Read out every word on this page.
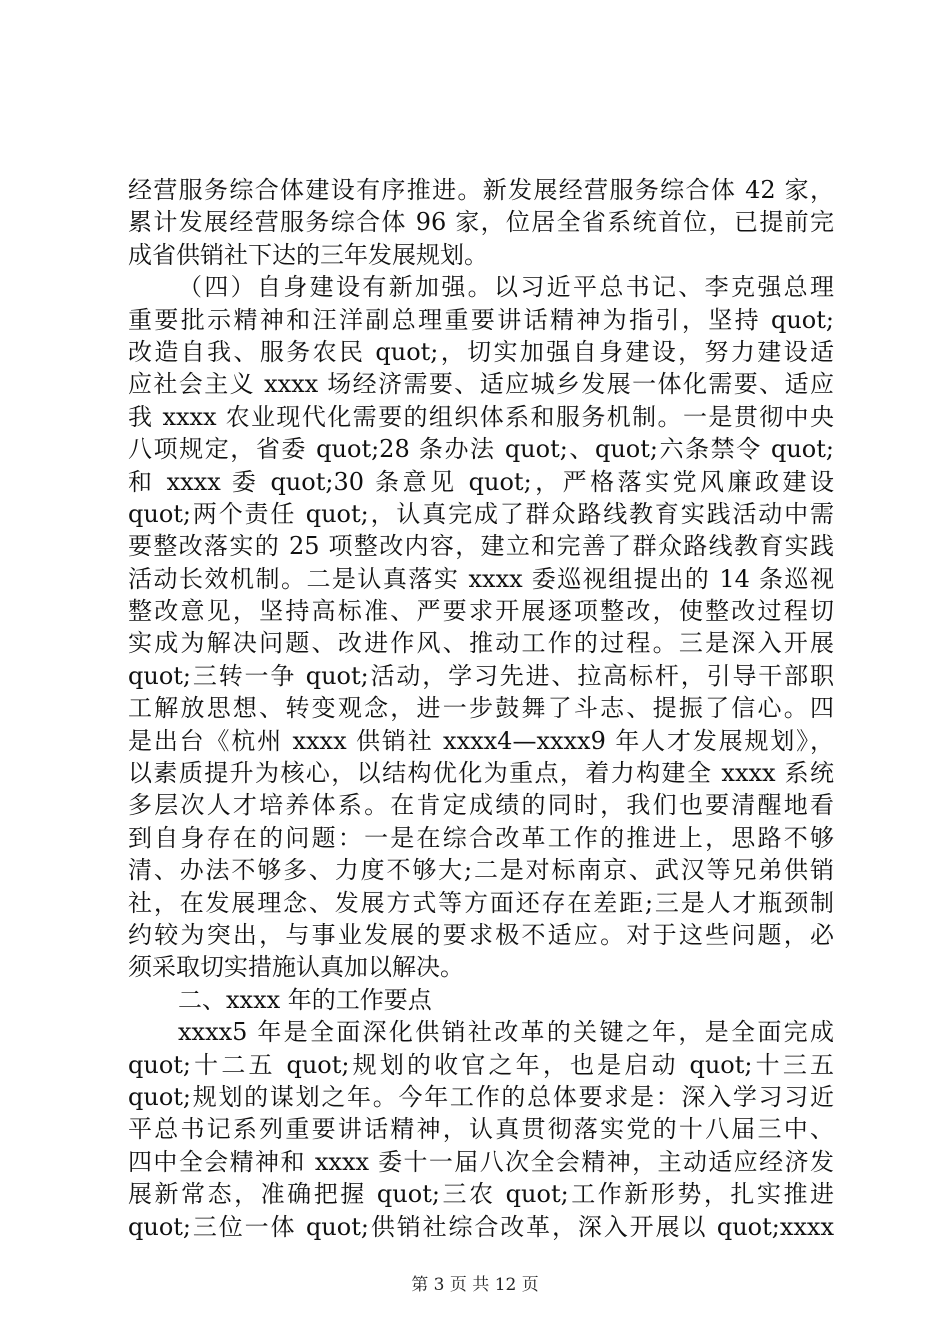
经营服务综合体建设有序推进。新发展经营服务综合体 42 家，
累计发展经营服务综合体 96 家，位居全省系统首位，已提前完
成省供销社下达的三年发展规划。
（四）自身建设有新加强。以习近平总书记、李克强总理
重要批示精神和汪洋副总理重要讲话精神为指引，坚持 quot;
改造自我、服务农民 quot;，切实加强自身建设，努力建设适
应社会主义 xxxx 场经济需要、适应城乡发展一体化需要、适应
我 xxxx 农业现代化需要的组织体系和服务机制。一是贯彻中央
八项规定，省委 quot;28 条办法 quot;、quot;六条禁令 quot;
和 xxxx 委 quot;30 条意见 quot;，严格落实党风廉政建设
quot;两个责任 quot;，认真完成了群众路线教育实践活动中需
要整改落实的 25 项整改内容，建立和完善了群众路线教育实践
活动长效机制。二是认真落实 xxxx 委巡视组提出的 14 条巡视
整改意见，坚持高标准、严要求开展逐项整改，使整改过程切
实成为解决问题、改进作风、推动工作的过程。三是深入开展
quot;三转一争 quot;活动，学习先进、拉高标杆，引导干部职
工解放思想、转变观念，进一步鼓舞了斗志、提振了信心。四
是出台《杭州 xxxx 供销社 xxxx4—xxxx9 年人才发展规划》，
以素质提升为核心，以结构优化为重点，着力构建全 xxxx 系统
多层次人才培养体系。在肯定成绩的同时，我们也要清醒地看
到自身存在的问题：一是在综合改革工作的推进上，思路不够
清、办法不够多、力度不够大;二是对标南京、武汉等兄弟供销
社，在发展理念、发展方式等方面还存在差距;三是人才瓶颈制
约较为突出，与事业发展的要求极不适应。对于这些问题，必
须采取切实措施认真加以解决。
二、xxxx 年的工作要点
xxxx5 年是全面深化供销社改革的关键之年，是全面完成
quot;十二五 quot;规划的收官之年，也是启动 quot;十三五
quot;规划的谋划之年。今年工作的总体要求是：深入学习习近
平总书记系列重要讲话精神，认真贯彻落实党的十八届三中、
四中全会精神和 xxxx 委十一届八次全会精神，主动适应经济发
展新常态，准确把握 quot;三农 quot;工作新形势，扎实推进
quot;三位一体 quot;供销社综合改革，深入开展以 quot;xxxx
第 3 页 共 12 页
